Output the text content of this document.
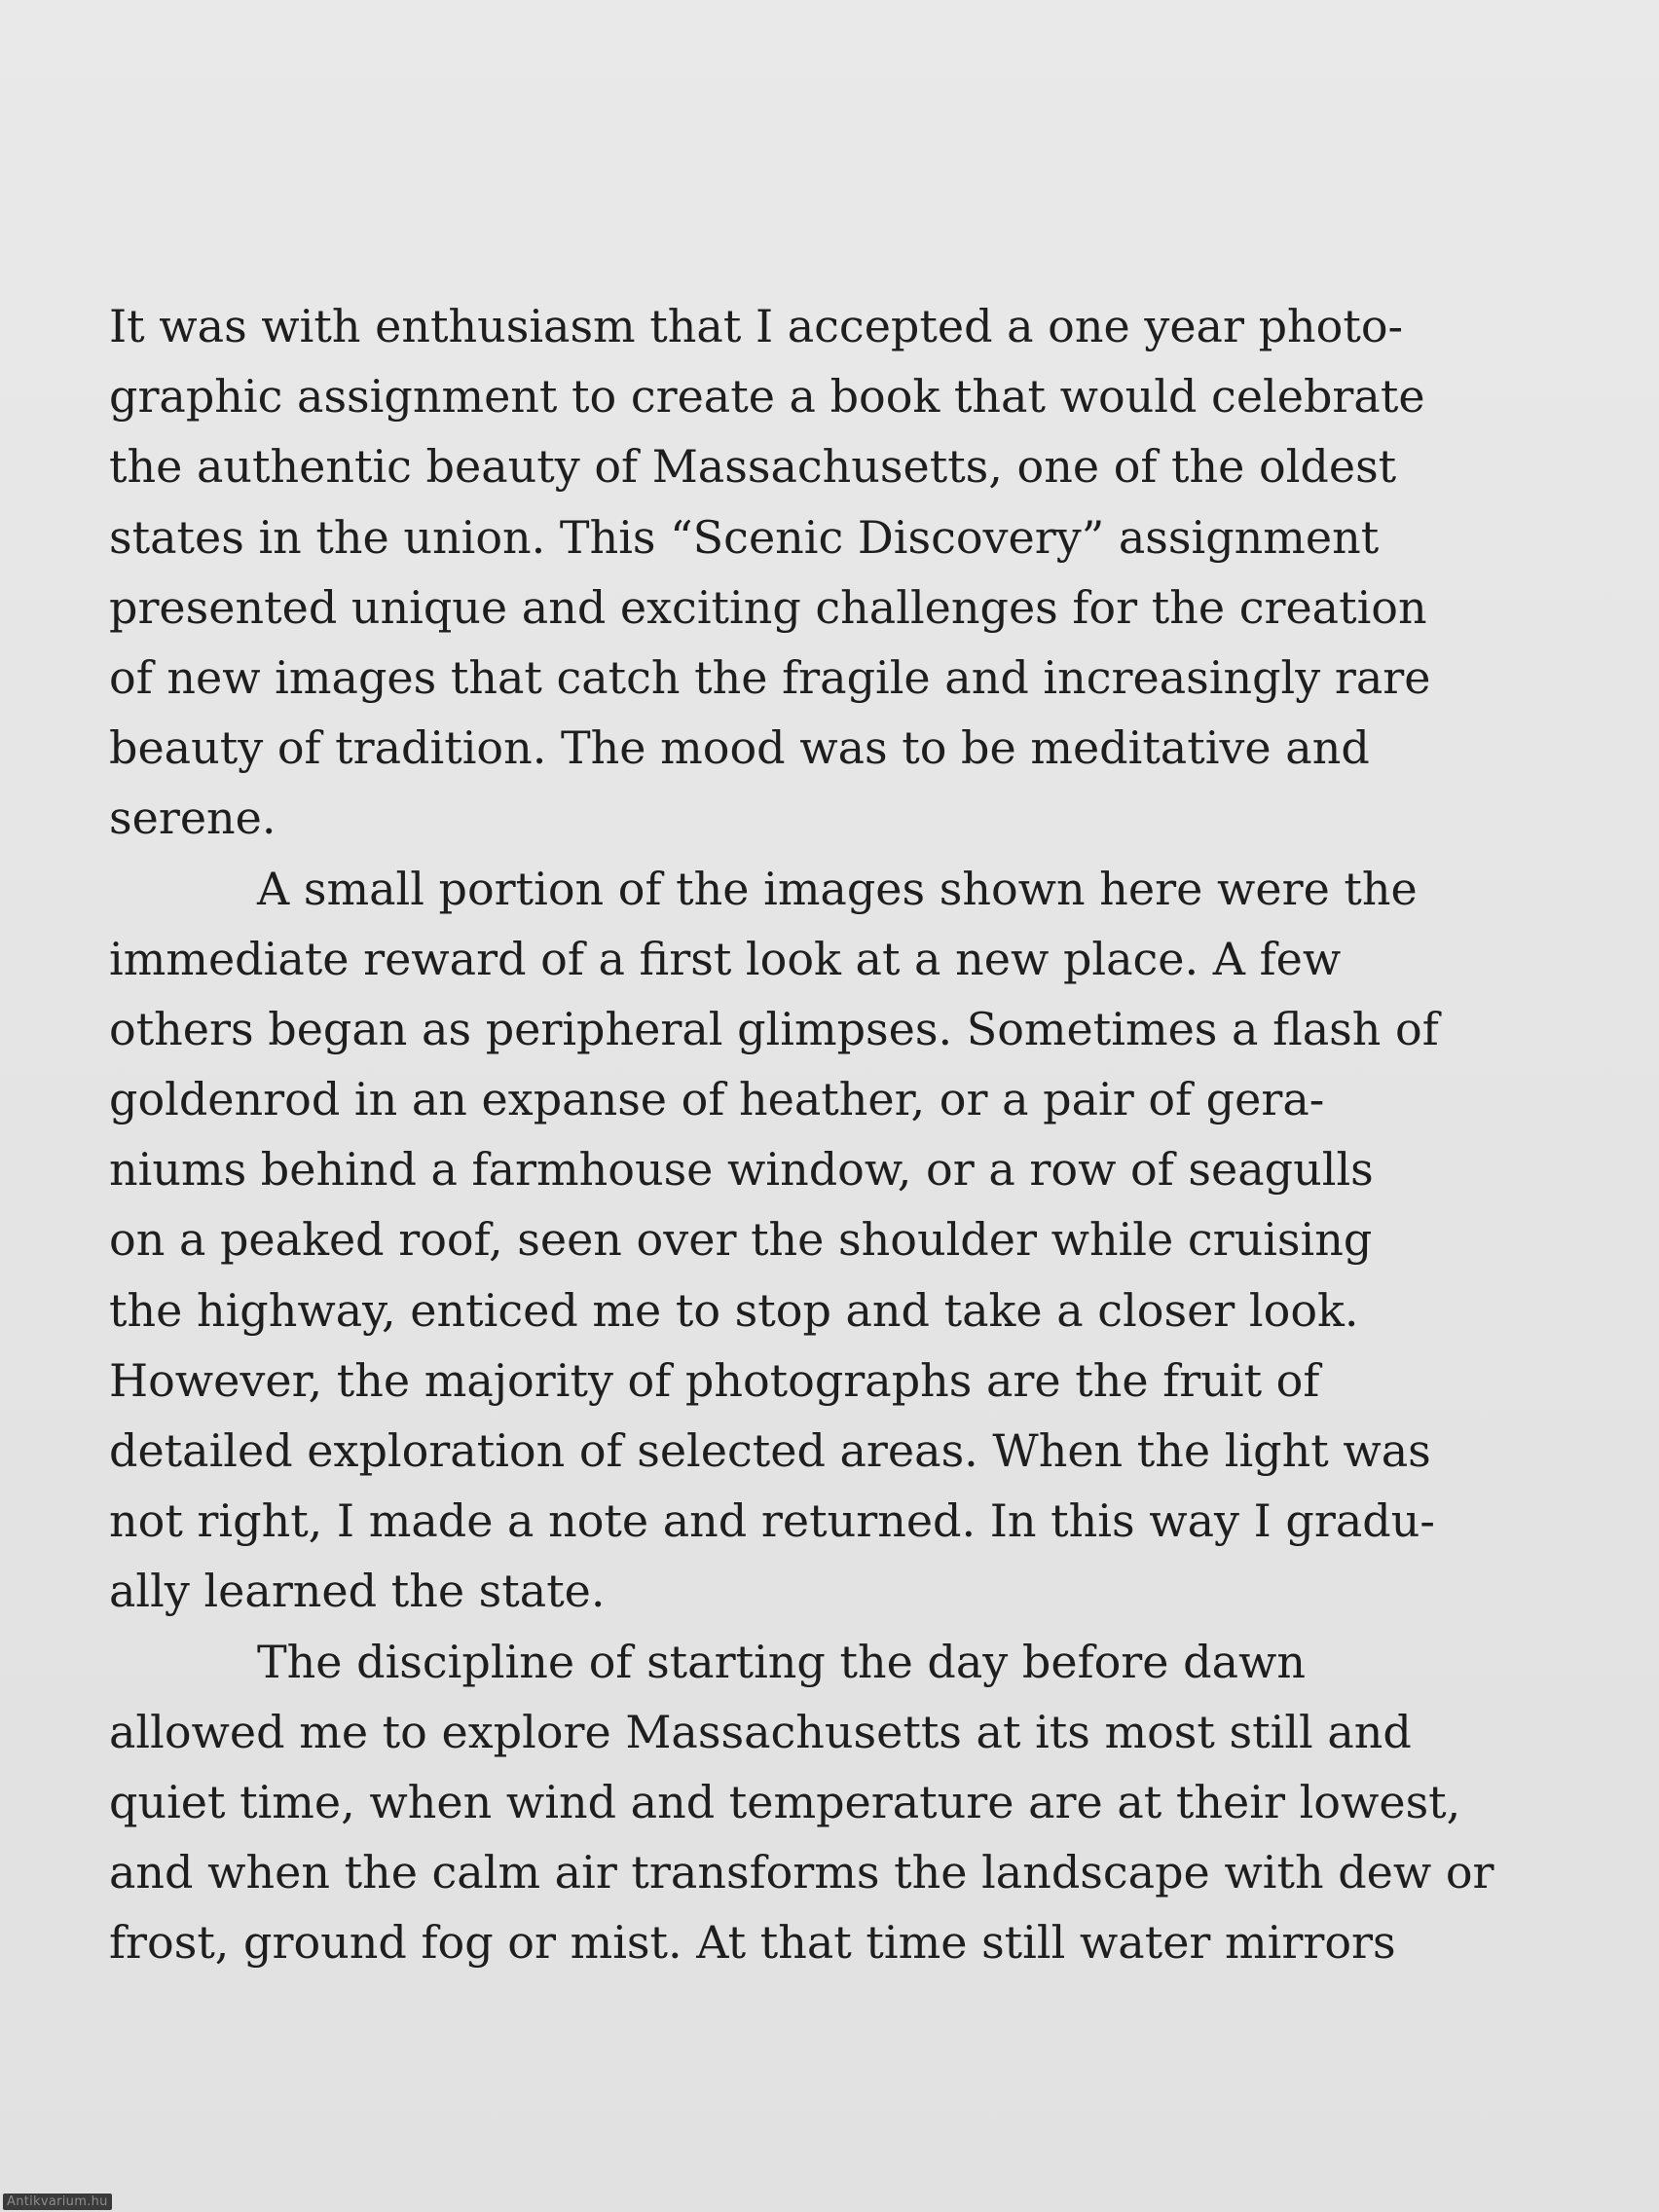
It was with enthusiasm that I accepted a one year photo-
graphic assignment to create a book that would celebrate
the authentic beauty of Massachusetts, one of the oldest
states in the union. This “Scenic Discovery” assignment
presented unique and exciting challenges for the creation
of new images that catch the fragile and increasingly rare
beauty of tradition. The mood was to be meditative and
serene.
A small portion of the images shown here were the
immediate reward of a first look at a new place. A few
others began as peripheral glimpses. Sometimes a flash of
goldenrod in an expanse of heather, or a pair of gera-
niums behind a farmhouse window, or a row of seagulls
on a peaked roof, seen over the shoulder while cruising
the highway, enticed me to stop and take a closer look.
However, the majority of photographs are the fruit of
detailed exploration of selected areas. When the light was
not right, I made a note and returned. In this way I gradu-
ally learned the state.
The discipline of starting the day before dawn
allowed me to explore Massachusetts at its most still and
quiet time, when wind and temperature are at their lowest,
and when the calm air transforms the landscape with dew or
frost, ground fog or mist. At that time still water mirrors
Antikvarium.hu
